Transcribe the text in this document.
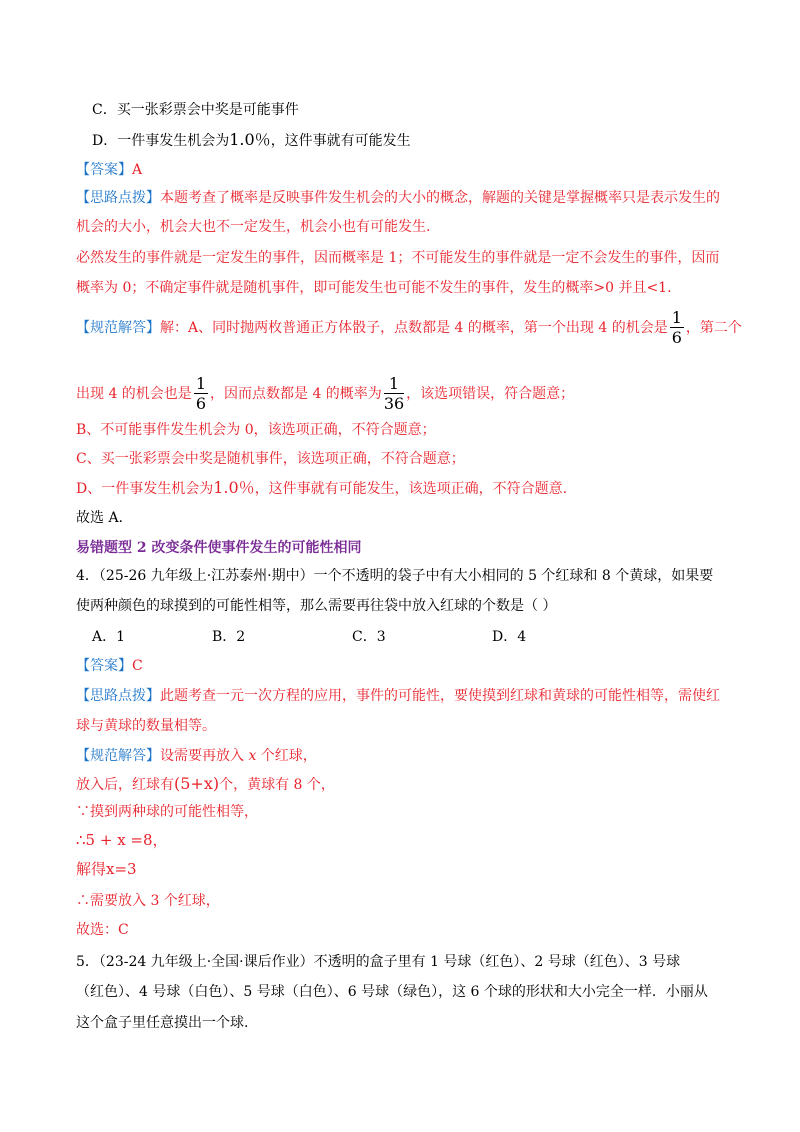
C．买一张彩票会中奖是可能事件
D．一件事发生机会为1.0％，这件事就有可能发生
【答案】A
【思路点拨】本题考查了概率是反映事件发生机会的大小的概念，解题的关键是掌握概率只是表示发生的
机会的大小，机会大也不一定发生，机会小也有可能发生.
必然发生的事件就是一定发生的事件，因而概率是 1；不可能发生的事件就是一定不会发生的事件，因而
概率为 0；不确定事件就是随机事件，即可能发生也可能不发生的事件，发生的概率>0 并且<1.
【规范解答】解：A、同时抛两枚普通正方体骰子，点数都是 4 的概率，第一个出现 4 的机会是 $\frac{1}{6}$ ，第二个
出现 4 的机会也是 $\frac{1}{6}$ ，因而点数都是 4 的概率为 $\frac{1}{36}$ ，该选项错误，符合题意；
B、不可能事件发生机会为 0，该选项正确，不符合题意；
C、买一张彩票会中奖是随机事件，该选项正确，不符合题意；
D、一件事发生机会为1.0％，这件事就有可能发生，该选项正确，不符合题意.
故选 A.
易错题型 2 改变条件使事件发生的可能性相同
4．（25-26 九年级上·江苏泰州·期中）一个不透明的袋子中有大小相同的 5 个红球和 8 个黄球，如果要
使两种颜色的球摸到的可能性相等，那么需要再往袋中放入红球的个数是（ ）
A．1	B．2	C．3	D．4
【答案】C
【思路点拨】此题考查一元一次方程的应用，事件的可能性，要使摸到红球和黄球的可能性相等，需使红
球与黄球的数量相等。
【规范解答】设需要再放入 x 个红球，
放入后，红球有(5+x)个，黄球有 8 个，
∵摸到两种球的可能性相等，
∴5 + x =8，
解得x=3
∴需要放入 3 个红球，
故选：C
5．（23-24 九年级上·全国·课后作业）不透明的盒子里有 1 号球（红色）、2 号球（红色）、3 号球
（红色）、4 号球（白色）、5 号球（白色）、6 号球（绿色），这 6 个球的形状和大小完全一样．小丽从
这个盒子里任意摸出一个球.
